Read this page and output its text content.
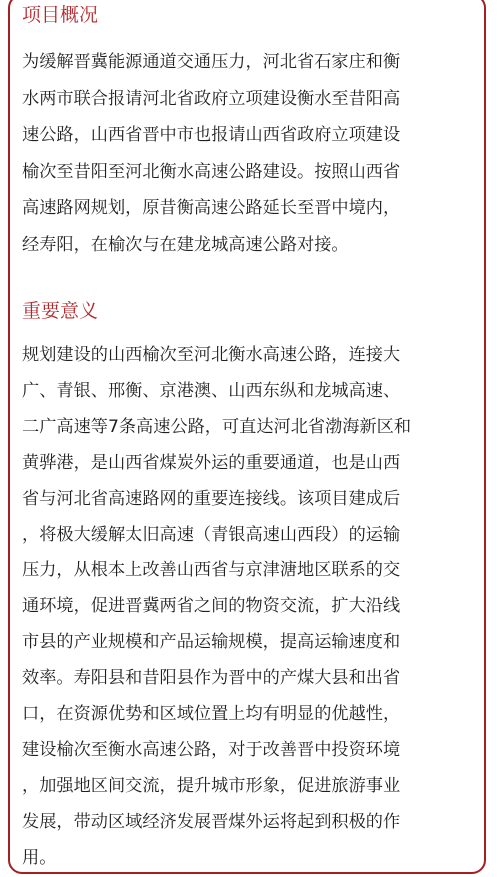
项目概况
为缓解晋冀能源通道交通压力，河北省石家庄和衡
水两市联合报请河北省政府立项建设衡水至昔阳高
速公路，山西省晋中市也报请山西省政府立项建设
榆次至昔阳至河北衡水高速公路建设。按照山西省
高速路网规划，原昔衡高速公路延长至晋中境内，
经寿阳，在榆次与在建龙城高速公路对接。
重要意义
规划建设的山西榆次至河北衡水高速公路，连接大
广、青银、邢衡、京港澳、山西东纵和龙城高速、
二广高速等7条高速公路，可直达河北省渤海新区和
黄骅港，是山西省煤炭外运的重要通道，也是山西
省与河北省高速路网的重要连接线。该项目建成后
，将极大缓解太旧高速（青银高速山西段）的运输
压力，从根本上改善山西省与京津溏地区联系的交
通环境，促进晋冀两省之间的物资交流，扩大沿线
市县的产业规模和产品运输规模，提高运输速度和
效率。寿阳县和昔阳县作为晋中的产煤大县和出省
口，在资源优势和区域位置上均有明显的优越性，
建设榆次至衡水高速公路，对于改善晋中投资环境
，加强地区间交流，提升城市形象，促进旅游事业
发展，带动区域经济发展晋煤外运将起到积极的作
用。
